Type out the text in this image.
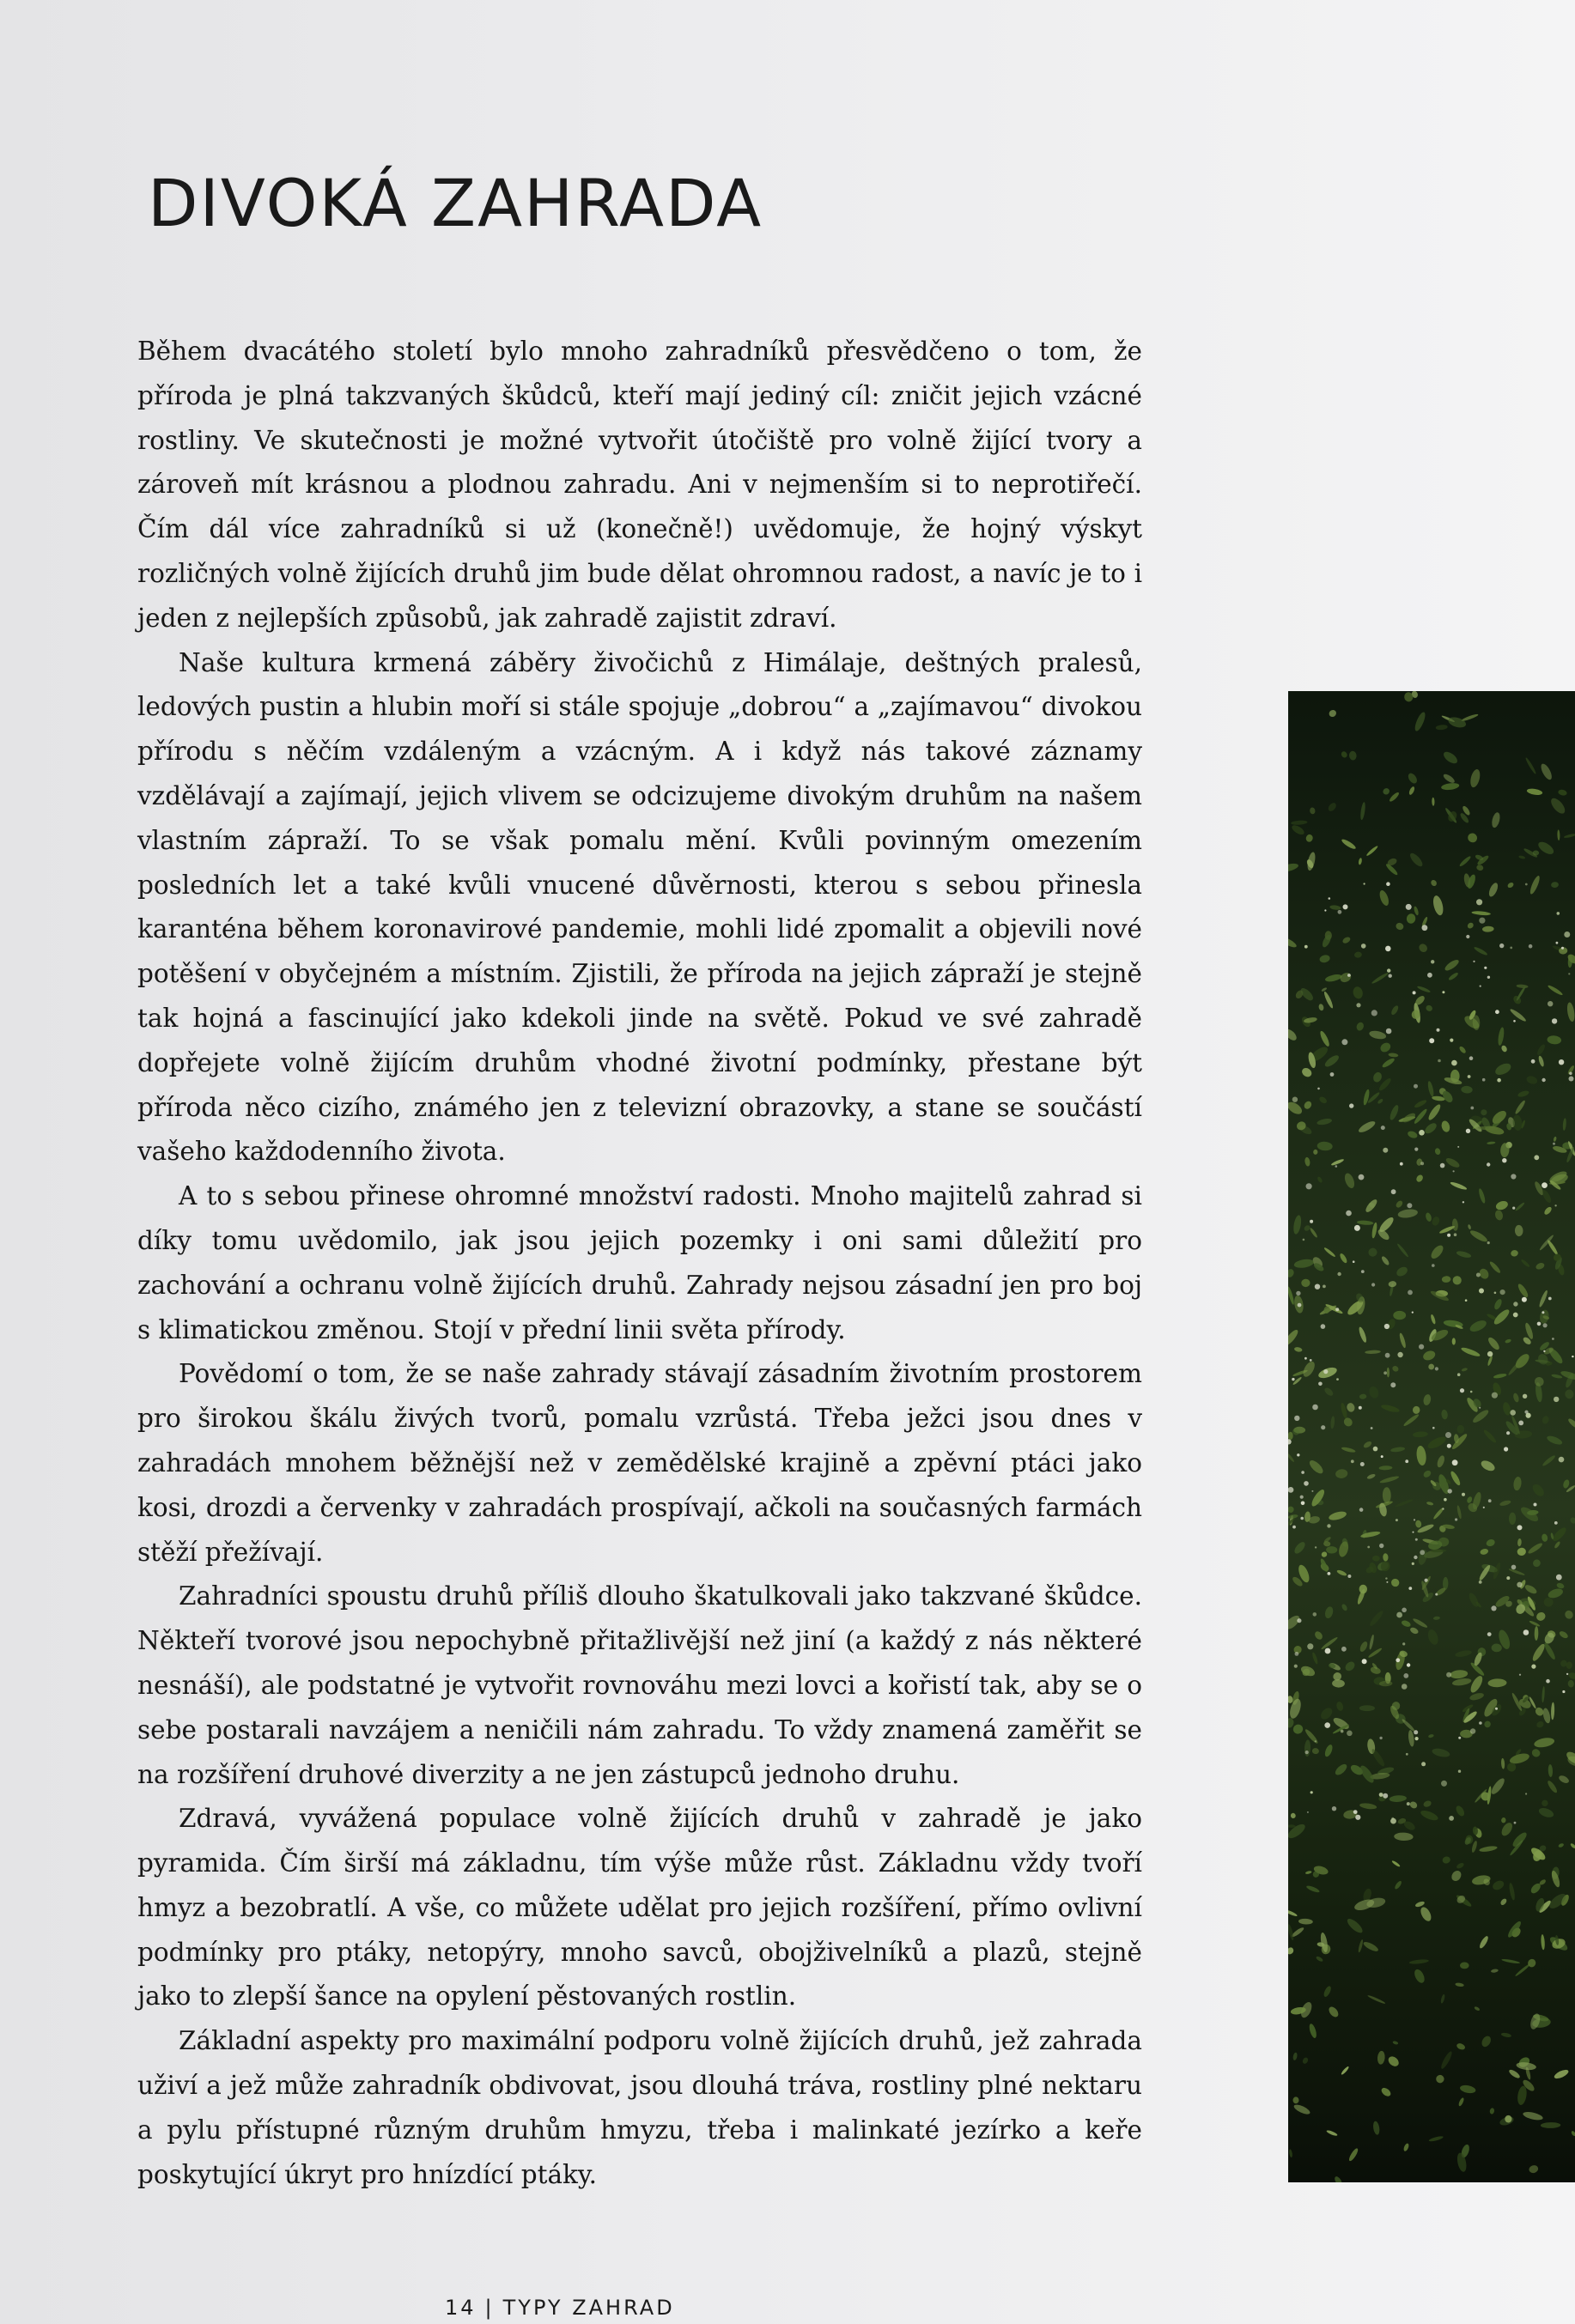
DIVOKÁ ZAHRADA

Během dvacátého století bylo mnoho zahradníků přesvědčeno o tom, že příroda je plná takzvaných škůdců, kteří mají jediný cíl: zničit jejich vzácné rostliny. Ve skutečnosti je možné vytvořit útočiště pro volně žijící tvory a zároveň mít krásnou a plodnou zahradu. Ani v nejmenším si to neprotiřečí. Čím dál více zahradníků si už (konečně!) uvědomuje, že hojný výskyt rozličných volně žijících druhů jim bude dělat ohromnou radost, a navíc je to i jeden z nejlepších způsobů, jak zahradě zajistit zdraví.

Naše kultura krmená záběry živočichů z Himálaje, deštných pralesů, ledových pustin a hlubin moří si stále spojuje „dobrou“ a „zajímavou“ divokou přírodu s něčím vzdáleným a vzácným. A i když nás takové záznamy vzdělávají a zajímají, jejich vlivem se odcizujeme divokým druhům na našem vlastním zápraží. To se však pomalu mění. Kvůli povinným omezením posledních let a také kvůli vnucené důvěrnosti, kterou s sebou přinesla karanténa během koronavirové pandemie, mohli lidé zpomalit a objevili nové potěšení v obyčejném a místním. Zjistili, že příroda na jejich zápraží je stejně tak hojná a fascinující jako kdekoli jinde na světě. Pokud ve své zahradě dopřejete volně žijícím druhům vhodné životní podmínky, přestane být příroda něco cizího, známého jen z televizní obrazovky, a stane se součástí vašeho každodenního života.

A to s sebou přinese ohromné množství radosti. Mnoho majitelů zahrad si díky tomu uvědomilo, jak jsou jejich pozemky i oni sami důležití pro zachování a ochranu volně žijících druhů. Zahrady nejsou zásadní jen pro boj s klimatickou změnou. Stojí v přední linii světa přírody.

Povědomí o tom, že se naše zahrady stávají zásadním životním prostorem pro širokou škálu živých tvorů, pomalu vzrůstá. Třeba ježci jsou dnes v zahradách mnohem běžnější než v zemědělské krajině a zpěvní ptáci jako kosi, drozdi a červenky v zahradách prospívají, ačkoli na současných farmách stěží přežívají.

Zahradníci spoustu druhů příliš dlouho škatulkovali jako takzvané škůdce. Někteří tvorové jsou nepochybně přitažlivější než jiní (a každý z nás některé nesnáší), ale podstatné je vytvořit rovnováhu mezi lovci a kořistí tak, aby se o sebe postarali navzájem a neničili nám zahradu. To vždy znamená zaměřit se na rozšíření druhové diverzity a ne jen zástupců jednoho druhu.

Zdravá, vyvážená populace volně žijících druhů v zahradě je jako pyramida. Čím širší má základnu, tím výše může růst. Základnu vždy tvoří hmyz a bezobratlí. A vše, co můžete udělat pro jejich rozšíření, přímo ovlivní podmínky pro ptáky, netopýry, mnoho savců, obojživelníků a plazů, stejně jako to zlepší šance na opylení pěstovaných rostlin.

Základní aspekty pro maximální podporu volně žijících druhů, jež zahrada uživí a jež může zahradník obdivovat, jsou dlouhá tráva, rostliny plné nektaru a pylu přístupné různým druhům hmyzu, třeba i malinkaté jezírko a keře poskytující úkryt pro hnízdící ptáky.

14 | TYPY ZAHRAD
